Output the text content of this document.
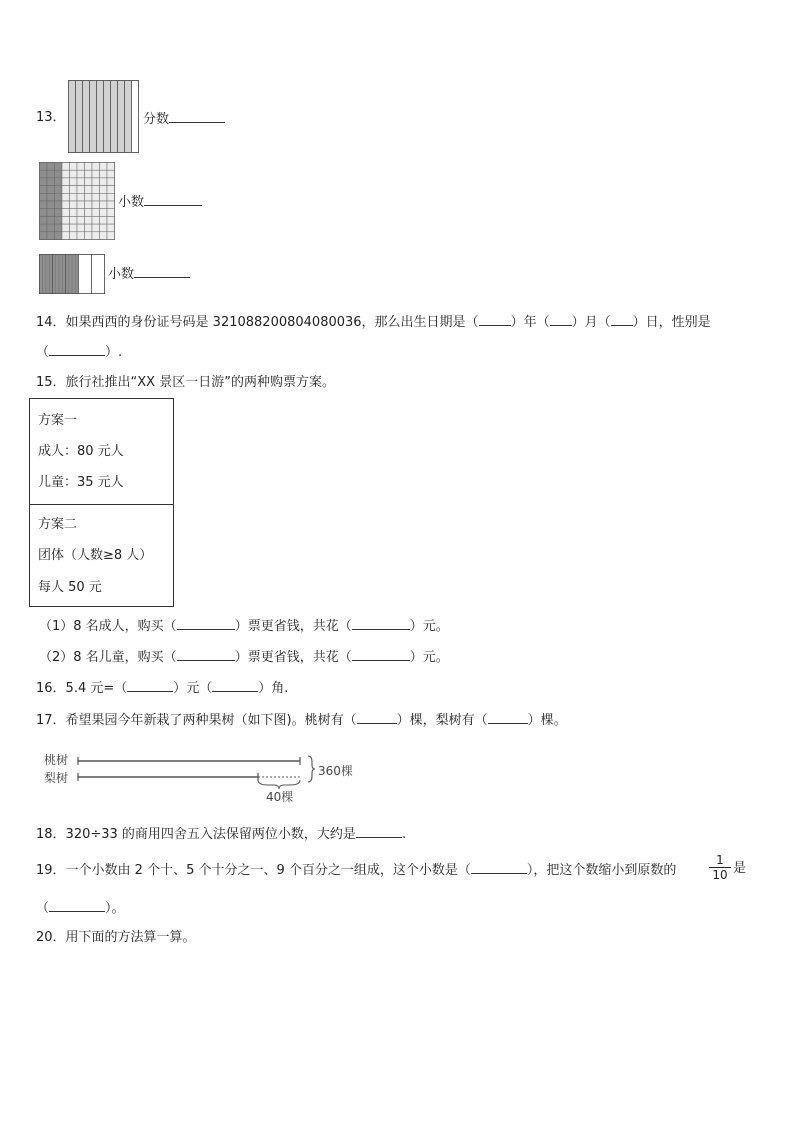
13．	分数
小数
小数
14．如果西西的身份证号码是 321088200804080036，那么出生日期是（ ）年（ ）月（ ）日，性别是
（	）.
15．旅行社推出“XX 景区一日游”的两种购票方案。
方案一
成人：80 元人
儿童：35 元人
方案二
团体（人数≥8 人）
每人 50 元
（1）8 名成人，购买（	）票更省钱，共花（	）元。
（2）8 名儿童，购买（	）票更省钱，共花（	）元。
16．5.4 元=（	）元（	）角.
17．希望果园今年新栽了两种果树（如下图)。桃树有（	）棵，梨树有（	）棵。
桃树
梨树	360棵
40棵
18．320÷33 的商用四舍五入法保留两位小数，大约是	.
19．一个小数由 2 个十、5 个十分之一、9 个百分之一组成，这个小数是（	），把这个数缩小到原数的	$\frac{1}{10}$ 是
（	）。
20．用下面的方法算一算。
